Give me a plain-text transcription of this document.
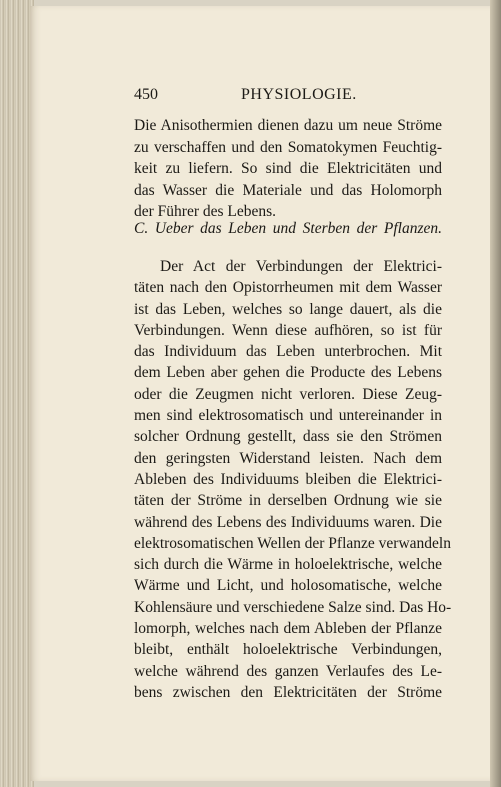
450	PHYSIOLOGIE.
Die Anisothermien dienen dazu um neue Ströme
zu verschaffen und den Somatokymen Feuchtig-
keit zu liefern. So sind die Elektricitäten und
das Wasser die Materiale und das Holomorph
der Führer des Lebens.
C. Ueber das Leben und Sterben der Pflanzen.
Der Act der Verbindungen der Elektrici-
täten nach den Opistorrheumen mit dem Wasser
ist das Leben, welches so lange dauert, als die
Verbindungen. Wenn diese aufhören, so ist für
das Individuum das Leben unterbrochen. Mit
dem Leben aber gehen die Producte des Lebens
oder die Zeugmen nicht verloren. Diese Zeug-
men sind elektrosomatisch und untereinander in
solcher Ordnung gestellt, dass sie den Strömen
den geringsten Widerstand leisten. Nach dem
Ableben des Individuums bleiben die Elektrici-
täten der Ströme in derselben Ordnung wie sie
während des Lebens des Individuums waren. Die
elektrosomatischen Wellen der Pflanze verwandeln
sich durch die Wärme in holoelektrische, welche
Wärme und Licht, und holosomatische, welche
Kohlensäure und verschiedene Salze sind. Das Ho-
lomorph, welches nach dem Ableben der Pflanze
bleibt, enthält holoelektrische Verbindungen,
welche während des ganzen Verlaufes des Le-
bens zwischen den Elektricitäten der Ströme
